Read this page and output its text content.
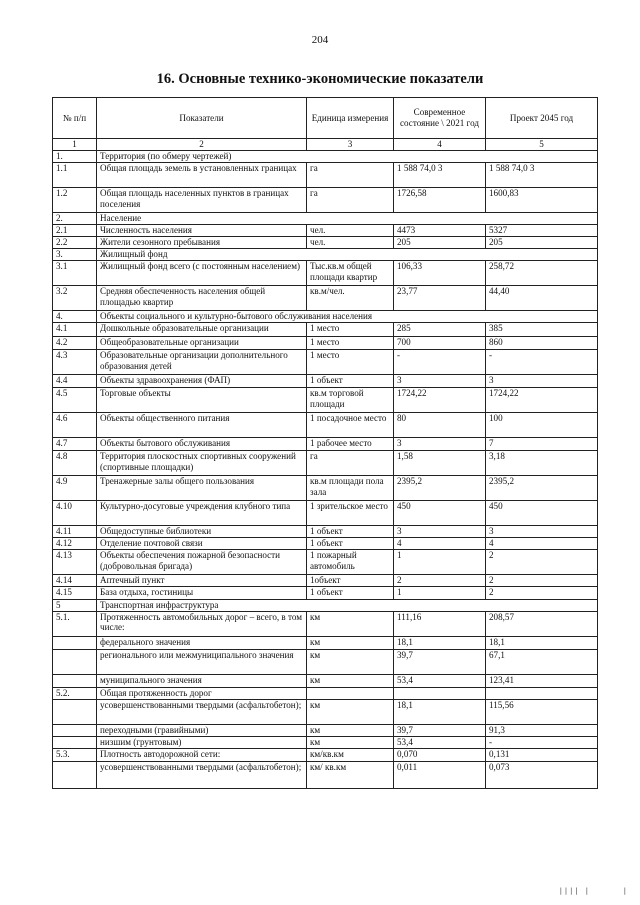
204
16. Основные технико-экономические показатели
№ п/п	Показатели	Единица измерения	Современное состояние \ 2021 год	Проект 2045 год
1	2	3	4	5
1.	Территория (по обмеру чертежей)			
1.1	Общая площадь земель в установленных границах	га	1 588 74,0 3	1 588 74,0 3
1.2	Общая площадь населенных пунктов в границах поселения	га	1726,58	1600,83
2.	Население			
2.1	Численность населения	чел.	4473	5327
2.2	Жители сезонного пребывания	чел.	205	205
3.	Жилищный фонд			
3.1	Жилищный фонд всего (с постоянным населением)	Тыс.кв.м общей площади квартир	106,33	258,72
3.2	Средняя обеспеченность населения общей площадью квартир	кв.м/чел.	23,77	44,40
4.	Объекты социального и культурно-бытового обслуживания населения			
4.1	Дошкольные образовательные организации	1 место	285	385
4.2	Общеобразовательные организации	1 место	700	860
4.3	Образовательные организации дополнительного образования детей	1 место	-	-
4.4	Объекты здравоохранения (ФАП)	1 объект	3	3
4.5	Торговые объекты	кв.м торговой площади	1724,22	1724,22
4.6	Объекты общественного питания	1 посадочное место	80	100
4.7	Объекты бытового обслуживания	1 рабочее место	3	7
4.8	Территория плоскостных спортивных сооружений (спортивные площадки)	га	1,58	3,18
4.9	Тренажерные залы общего пользования	кв.м площади пола зала	2395,2	2395,2
4.10	Культурно-досуговые учреждения клубного типа	1 зрительское место	450	450
4.11	Общедоступные библиотеки	1 объект	3	3
4.12	Отделение почтовой связи	1 объект	4	4
4.13	Объекты обеспечения пожарной безопасности (добровольная бригада)	1 пожарный автомобиль	1	2
4.14	Аптечный пункт	1объект	2	2
4.15	База отдыха, гостиницы	1 объект	1	2
5	Транспортная инфраструктура			
5.1.	Протяженность автомобильных дорог – всего, в том числе:	км	111,16	208,57
	федерального значения	км	18,1	18,1
	регионального или межмуниципального значения	км	39,7	67,1
	муниципального значения	км	53,4	123,41
5.2.	Общая протяженность дорог			
	усовершенствованными твердыми (асфальтобетон);	км	18,1	115,56
	переходными (гравийными)	км	39,7	91,3
	низшим (грунтовым)	км	53,4	-
5.3.	Плотность автодорожной сети:	км/кв.км	0,070	0,131
	усовершенствованными твердыми (асфальтобетон);	км/ кв.км	0,011	0,073
|||| |	|
